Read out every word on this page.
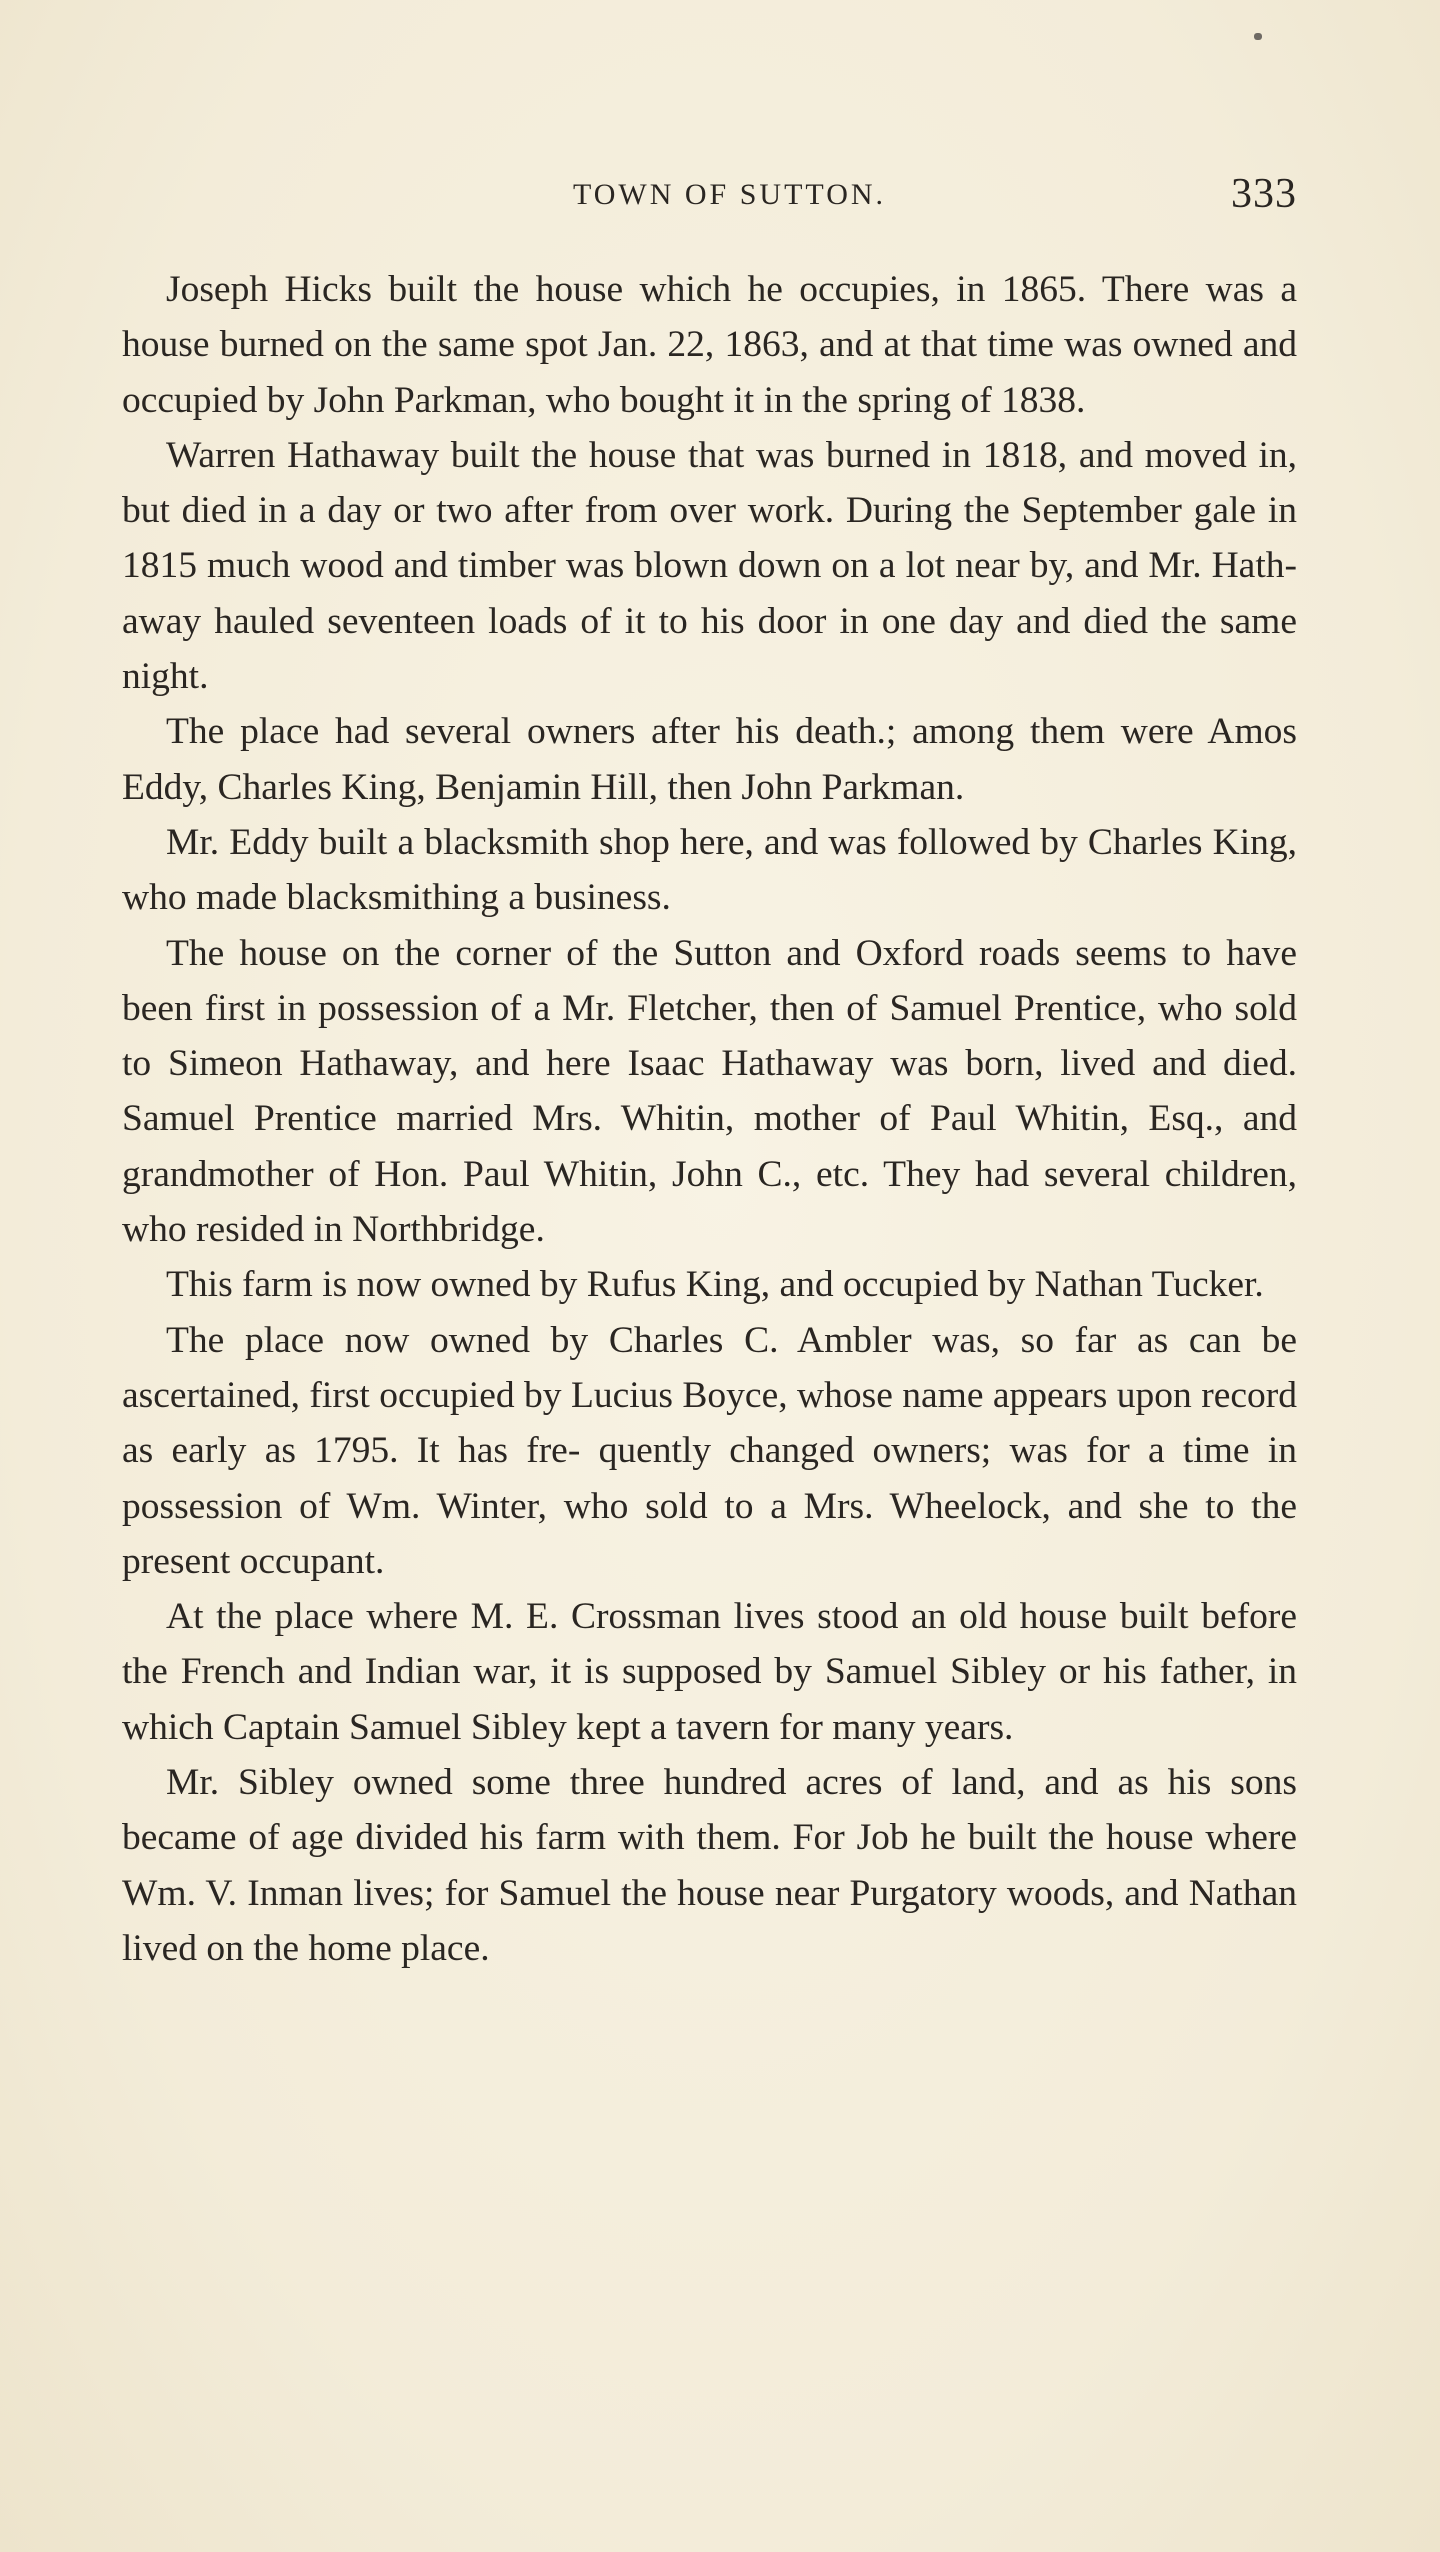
TOWN OF SUTTON.	333

Joseph Hicks built the house which he occupies, in 1865. There was a house burned on the same spot Jan. 22, 1863, and at that time was owned and occupied by John Parkman, who bought it in the spring of 1838.

Warren Hathaway built the house that was burned in 1818, and moved in, but died in a day or two after from over work. During the September gale in 1815 much wood and timber was blown down on a lot near by, and Mr. Hath- away hauled seventeen loads of it to his door in one day and died the same night.

The place had several owners after his death.; among them were Amos Eddy, Charles King, Benjamin Hill, then John Parkman.

Mr. Eddy built a blacksmith shop here, and was followed by Charles King, who made blacksmithing a business.

The house on the corner of the Sutton and Oxford roads seems to have been first in possession of a Mr. Fletcher, then of Samuel Prentice, who sold to Simeon Hathaway, and here Isaac Hathaway was born, lived and died. Samuel Prentice married Mrs. Whitin, mother of Paul Whitin, Esq., and grandmother of Hon. Paul Whitin, John C., etc. They had several children, who resided in Northbridge.

This farm is now owned by Rufus King, and occupied by Nathan Tucker.

The place now owned by Charles C. Ambler was, so far as can be ascertained, first occupied by Lucius Boyce, whose name appears upon record as early as 1795. It has fre- quently changed owners; was for a time in possession of Wm. Winter, who sold to a Mrs. Wheelock, and she to the present occupant.

At the place where M. E. Crossman lives stood an old house built before the French and Indian war, it is supposed by Samuel Sibley or his father, in which Captain Samuel Sibley kept a tavern for many years.

Mr. Sibley owned some three hundred acres of land, and as his sons became of age divided his farm with them. For Job he built the house where Wm. V. Inman lives; for Samuel the house near Purgatory woods, and Nathan lived on the home place.
